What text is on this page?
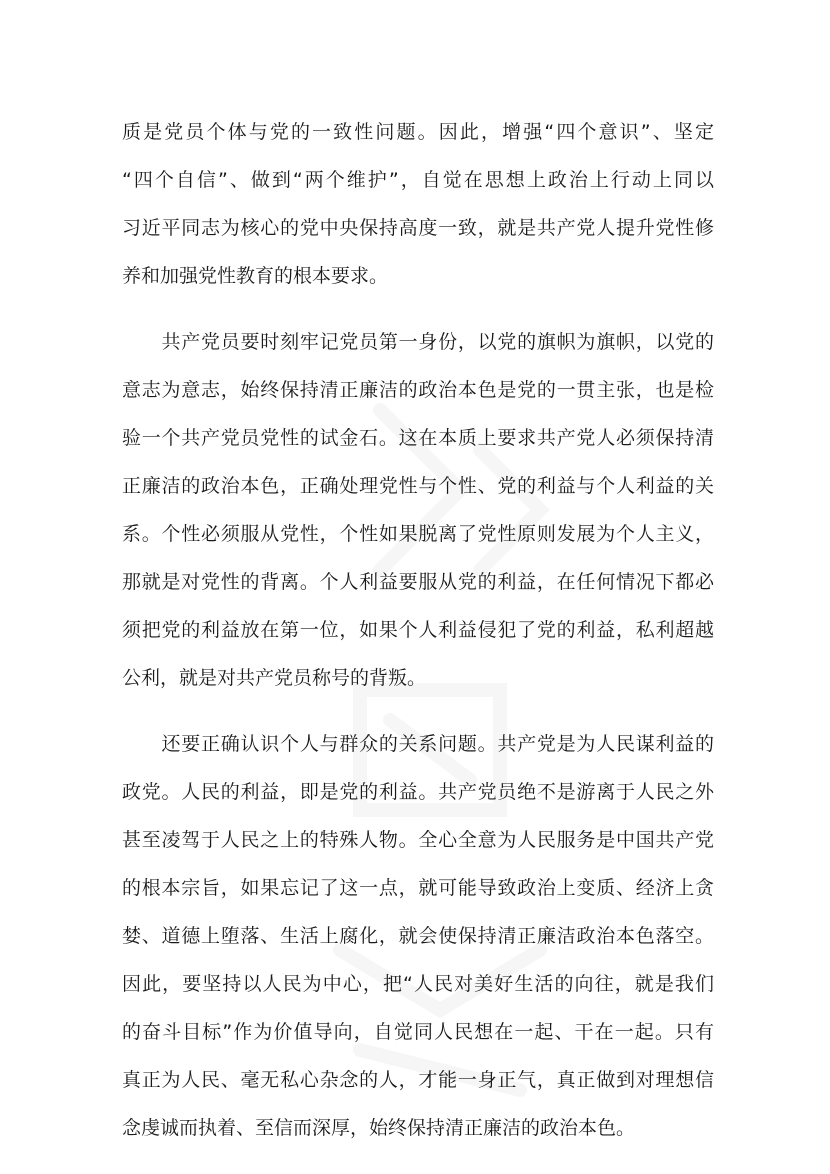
质是党员个体与党的一致性问题。因此，增强“四个意识”、坚定
“四个自信”、做到“两个维护”，自觉在思想上政治上行动上同以
习近平同志为核心的党中央保持高度一致，就是共产党人提升党性修
养和加强党性教育的根本要求。
　　共产党员要时刻牢记党员第一身份，以党的旗帜为旗帜，以党的
意志为意志，始终保持清正廉洁的政治本色是党的一贯主张，也是检
验一个共产党员党性的试金石。这在本质上要求共产党人必须保持清
正廉洁的政治本色，正确处理党性与个性、党的利益与个人利益的关
系。个性必须服从党性，个性如果脱离了党性原则发展为个人主义，
那就是对党性的背离。个人利益要服从党的利益，在任何情况下都必
须把党的利益放在第一位，如果个人利益侵犯了党的利益，私利超越
公利，就是对共产党员称号的背叛。
　　还要正确认识个人与群众的关系问题。共产党是为人民谋利益的
政党。人民的利益，即是党的利益。共产党员绝不是游离于人民之外
甚至凌驾于人民之上的特殊人物。全心全意为人民服务是中国共产党
的根本宗旨，如果忘记了这一点，就可能导致政治上变质、经济上贪
婪、道德上堕落、生活上腐化，就会使保持清正廉洁政治本色落空。
因此，要坚持以人民为中心，把“人民对美好生活的向往，就是我们
的奋斗目标”作为价值导向，自觉同人民想在一起、干在一起。只有
真正为人民、毫无私心杂念的人，才能一身正气，真正做到对理想信
念虔诚而执着、至信而深厚，始终保持清正廉洁的政治本色。
